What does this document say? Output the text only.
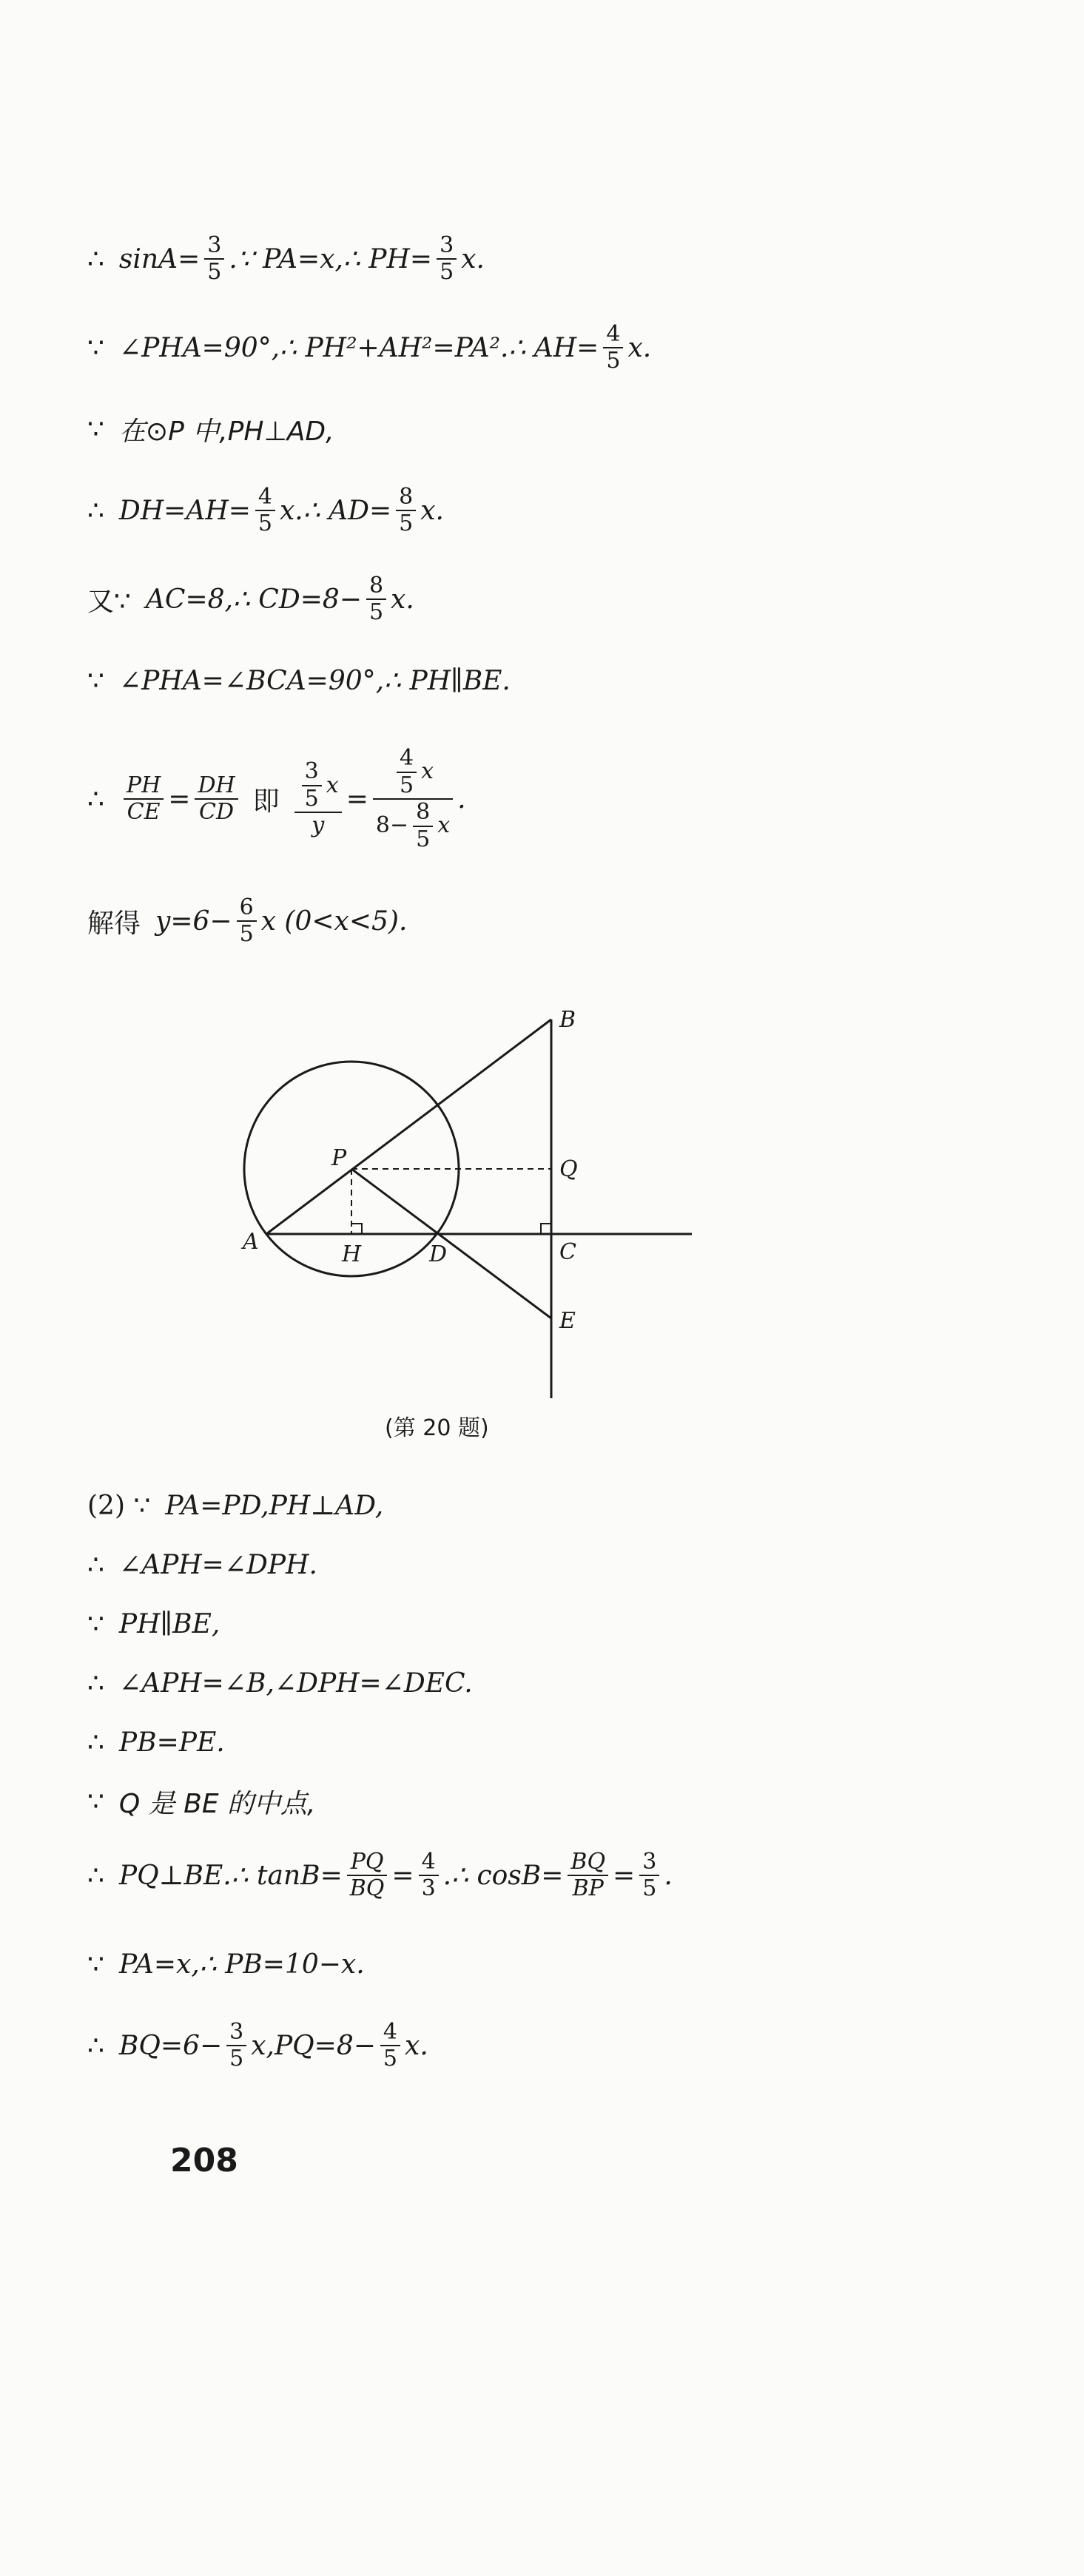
∴ $\sin A= \frac{3}{5}$ .∵ PA=x,∴ $PH= \frac{3}{5} x$.
∵ ∠PHA=90°,∴ PH²+AH²=PA².∴ $AH= \frac{4}{5} x$.
∵ 在⊙P 中,PH⊥AD,
∴ $DH=AH= \frac{4}{5}$ x.∴ $AD= \frac{8}{5} x$.
又∵ AC=8,∴ $CD=8- \frac{8}{5} x$.
∵ ∠PHA=∠BCA=90°,∴ PH∥BE.
∴ $\frac{PH}{CE} = \frac{DH}{CD}$ 即 $\frac{\frac{3}{5} x}{y} = \frac{\frac{4}{5} x}{8- \frac{8}{5} x}$ .
解得 $y=6- \frac{6}{5}$ x (0<x<5).
B
Q
C
E
P
A	H	D
(第 20 题)
(2) ∵ PA=PD,PH⊥AD,
∴ ∠APH=∠DPH.
∵ PH∥BE,
∴ ∠APH=∠B,∠DPH=∠DEC.
∴ PB=PE.
∵ Q 是 BE 的中点,
∴ PQ⊥BE.∴ $\tan B= \frac{PQ}{BQ} = \frac{4}{3}$ .∴ $\cos B= \frac{BQ}{BP} = \frac{3}{5}$ .
∵ PA=x,∴ PB=10−x.
∴ $BQ=6- \frac{3}{5} x,PQ=8- \frac{4}{5} x$.
208
